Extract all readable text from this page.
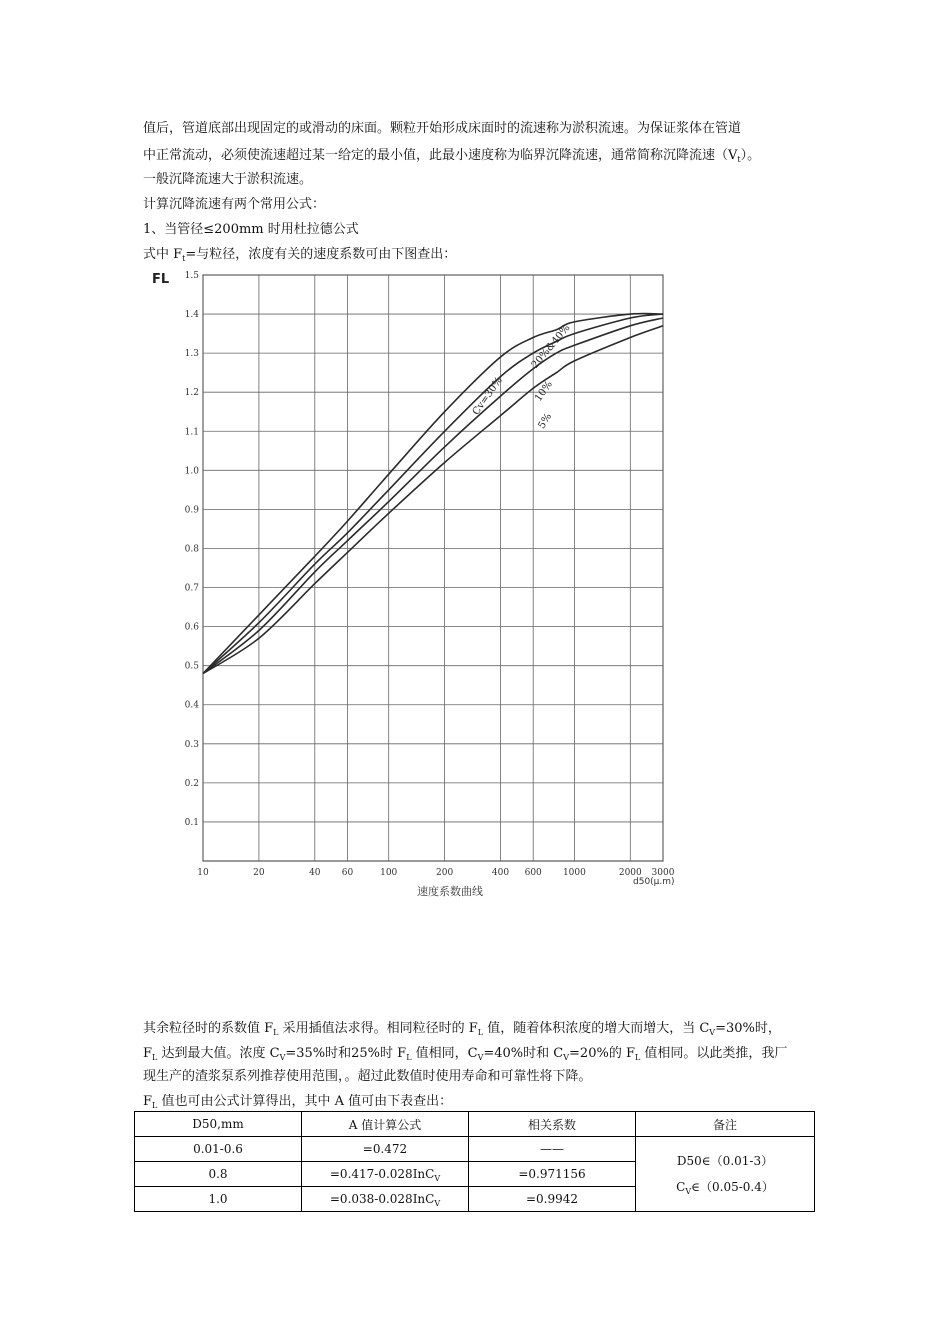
值后，管道底部出现固定的或滑动的床面。颗粒开始形成床面时的流速称为淤积流速。为保证浆体在管道
中正常流动，必须使流速超过某一给定的最小值，此最小速度称为临界沉降流速，通常简称沉降流速$(V_t)$。
一般沉降流速大于淤积流速。
计算沉降流速有两个常用公式：
1、当管径≤200mm 时用杜拉德公式
式中 $F_t=$与粒径，浓度有关的速度系数可由下图查出：
0.1
0.2
0.3
0.4
0.5
0.6
0.7
0.8
0.9
1.0
1.1
1.2
1.3
1.4
1.5
10	20	40 60	100	200	400 600 1000	2000 3000
Cv=30%
20%&40%
10%
5%
FL
d50(μ.m)
速度系数曲线
其余粒径时的系数值 $F_L$ 采用插值法求得。相同粒径时的 $F_L$ 值，随着体积浓度的增大而增大，当 $C_V=30\%$时，
$F_L$ 达到最大值。浓度 $C_V=35\%$时和25%时 $F_L$ 值相同，$C_V=40\%$时和 $C_V=20\%$的 $F_L$ 值相同。以此类推，我厂
现生产的渣浆泵系列推荐使用范围，。超过此数值时使用寿命和可靠性将下降。
$F_L$ 值也可由公式计算得出，其中 A 值可由下表查出：
D50,mm	A 值计算公式	相关系数	备注
0.01-0.6	=0.472	——	D50∈（0.01-3）
$C_V\in(0.05-0.4)$

0.8	=0.417-0.028InC$_V$	=0.971156	
1.0	=0.038-0.028InC$_V$	=0.9942	
